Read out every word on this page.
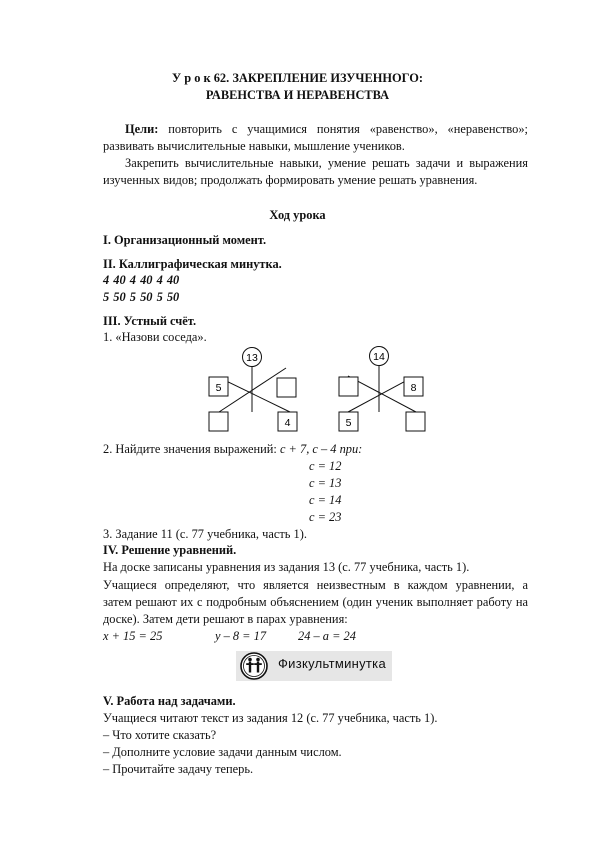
У р о к 62. ЗАКРЕПЛЕНИЕ ИЗУЧЕННОГО:
РАВЕНСТВА И НЕРАВЕНСТВА
Цели: повторить с учащимися понятия «равенство», «неравенство»;
развивать вычислительные навыки, мышление учеников.
Закрепить вычислительные навыки, умение решать задачи и выражения
изученных видов; продолжать формировать умение решать уравнения.
Ход урока
I. Организационный момент.
II. Каллиграфическая минутка.
4 40 4 40 4 40
5 50 5 50 5 50
III. Устный счёт.
1. «Назови соседа».
13
5
4
14
8
5
2. Найдите значения выражений: c + 7, c – 4 при:
c = 12
c = 13
c = 14
c = 23
3. Задание 11 (с. 77 учебника, часть 1).
IV. Решение уравнений.
На доске записаны уравнения из задания 13 (с. 77 учебника, часть 1).
Учащиеся определяют, что является неизвестным в каждом уравнении, а
затем решают их с подробным объяснением (один ученик выполняет работу на
доске). Затем дети решают в парах уравнения:
x + 15 = 25	y – 8 = 17	24 – a = 24
Физкультминутка
V. Работа над задачами.
Учащиеся читают текст из задания 12 (с. 77 учебника, часть 1).
– Что хотите сказать?
– Дополните условие задачи данным числом.
– Прочитайте задачу теперь.
